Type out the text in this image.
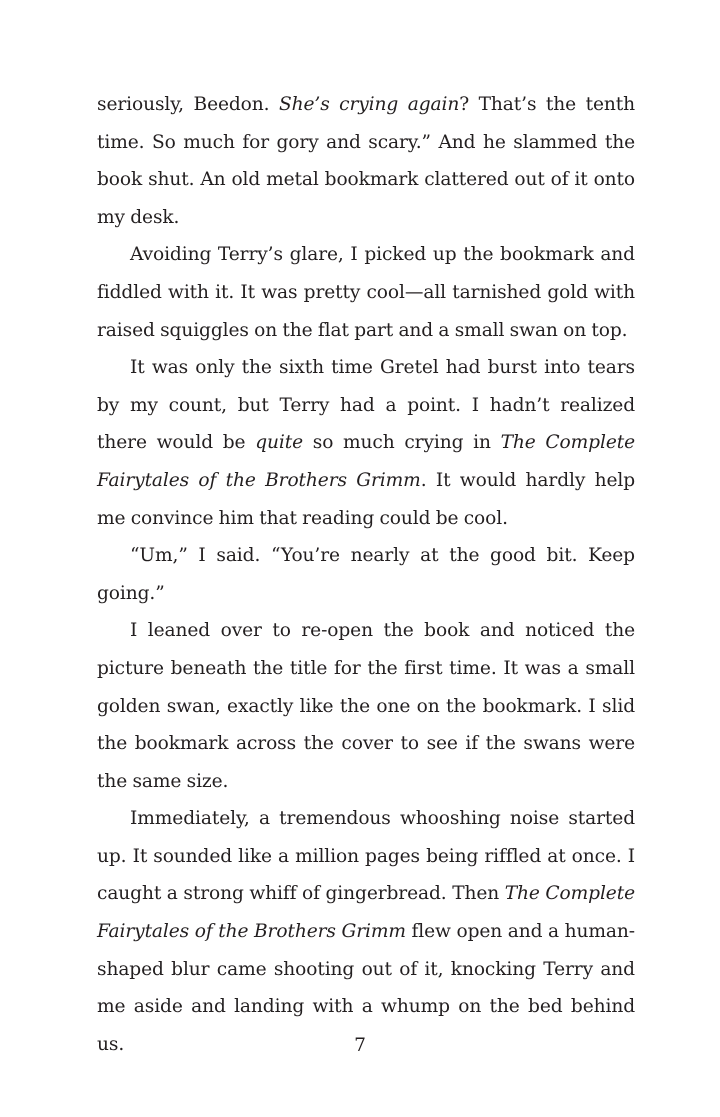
seriously, Beedon. She’s crying again? That’s the tenth time. So much for gory and scary.” And he slammed the book shut. An old metal bookmark clattered out of it onto my desk.

Avoiding Terry’s glare, I picked up the bookmark and fiddled with it. It was pretty cool—all tarnished gold with raised squiggles on the flat part and a small swan on top.

It was only the sixth time Gretel had burst into tears by my count, but Terry had a point. I hadn’t realized there would be quite so much crying in The Complete Fairytales of the Brothers Grimm. It would hardly help me convince him that reading could be cool.

“Um,” I said. “You’re nearly at the good bit. Keep going.”

I leaned over to re-open the book and noticed the picture beneath the title for the first time. It was a small golden swan, exactly like the one on the bookmark. I slid the bookmark across the cover to see if the swans were the same size.

Immediately, a tremendous whooshing noise started up. It sounded like a million pages being riffled at once. I caught a strong whiff of gingerbread. Then The Complete Fairytales of the Brothers Grimm flew open and a human-shaped blur came shooting out of it, knocking Terry and me aside and landing with a whump on the bed behind us.	7
